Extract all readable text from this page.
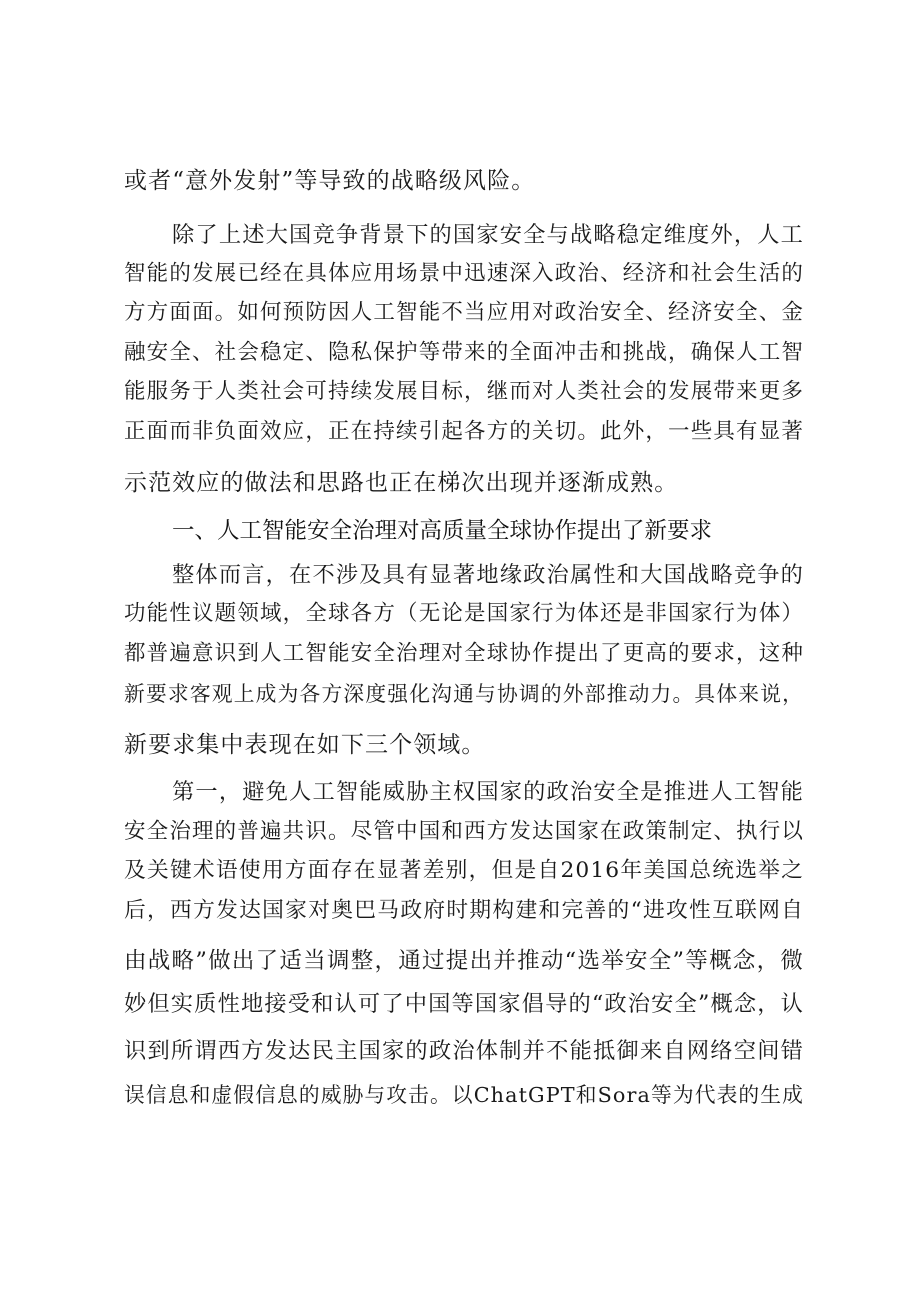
或者“意外发射”等导致的战略级风险。
除了上述大国竞争背景下的国家安全与战略稳定维度外，人工
智能的发展已经在具体应用场景中迅速深入政治、经济和社会生活的
方方面面。如何预防因人工智能不当应用对政治安全、经济安全、金
融安全、社会稳定、隐私保护等带来的全面冲击和挑战，确保人工智
能服务于人类社会可持续发展目标，继而对人类社会的发展带来更多
正面而非负面效应，正在持续引起各方的关切。此外，一些具有显著
示范效应的做法和思路也正在梯次出现并逐渐成熟。
一、人工智能安全治理对高质量全球协作提出了新要求
整体而言，在不涉及具有显著地缘政治属性和大国战略竞争的
功能性议题领域，全球各方（无论是国家行为体还是非国家行为体）
都普遍意识到人工智能安全治理对全球协作提出了更高的要求，这种
新要求客观上成为各方深度强化沟通与协调的外部推动力。具体来说，
新要求集中表现在如下三个领域。
第一，避免人工智能威胁主权国家的政治安全是推进人工智能
安全治理的普遍共识。尽管中国和西方发达国家在政策制定、执行以
及关键术语使用方面存在显著差别，但是自2016年美国总统选举之
后，西方发达国家对奥巴马政府时期构建和完善的“进攻性互联网自
由战略”做出了适当调整，通过提出并推动“选举安全”等概念，微
妙但实质性地接受和认可了中国等国家倡导的“政治安全”概念，认
识到所谓西方发达民主国家的政治体制并不能抵御来自网络空间错
误信息和虚假信息的威胁与攻击。以ChatGPT和Sora等为代表的生成
